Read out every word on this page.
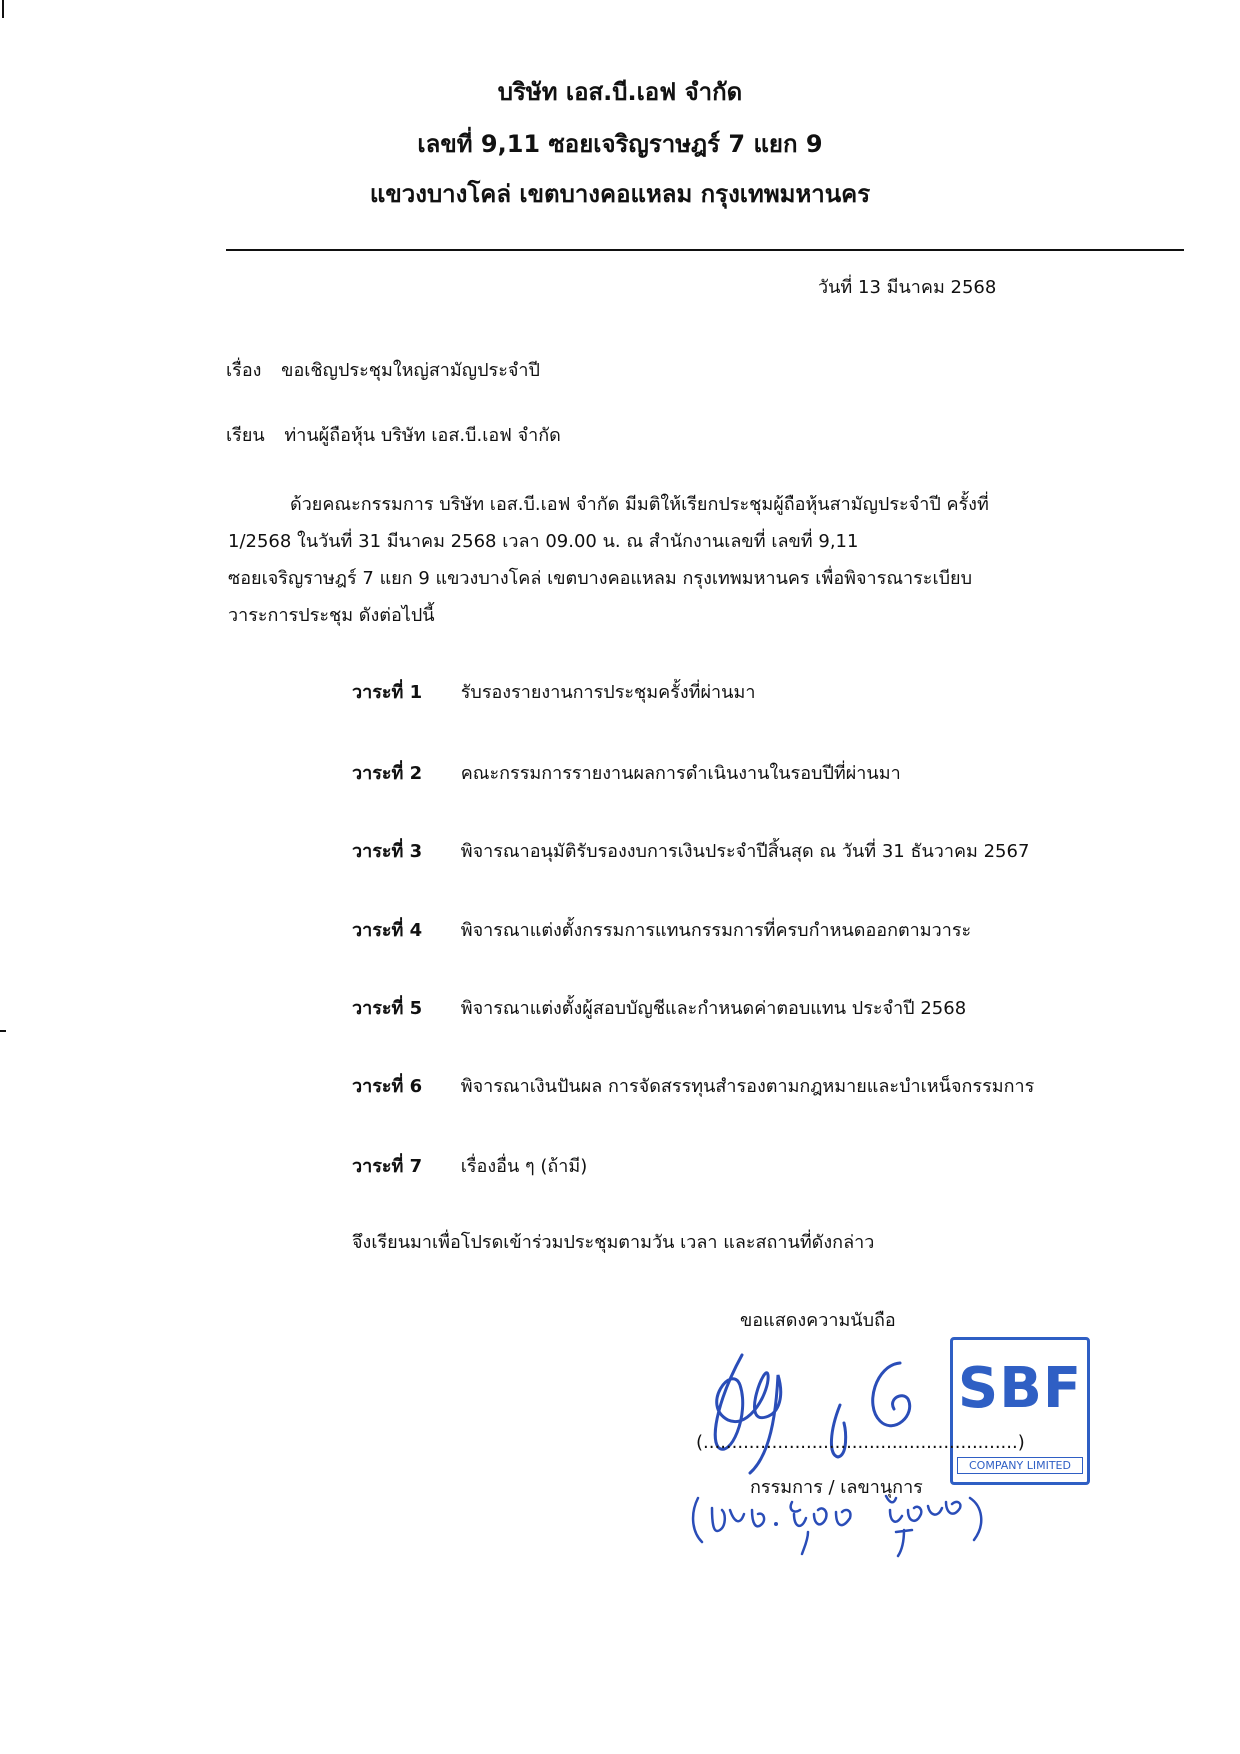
บริษัท เอส.บี.เอฟ จำกัด
เลขที่ 9,11 ซอยเจริญราษฎร์ 7 แยก 9
แขวงบางโคล่ เขตบางคอแหลม กรุงเทพมหานคร
วันที่ 13 มีนาคม 2568
เรื่อง ขอเชิญประชุมใหญ่สามัญประจำปี
เรียน ท่านผู้ถือหุ้น บริษัท เอส.บี.เอฟ จำกัด
ด้วยคณะกรรมการ บริษัท เอส.บี.เอฟ จำกัด มีมติให้เรียกประชุมผู้ถือหุ้นสามัญประจำปี ครั้งที่
1/2568 ในวันที่ 31 มีนาคม 2568 เวลา 09.00 น. ณ สำนักงานเลขที่ เลขที่ 9,11
ซอยเจริญราษฎร์ 7 แยก 9 แขวงบางโคล่ เขตบางคอแหลม กรุงเทพมหานคร เพื่อพิจารณาระเบียบ
วาระการประชุม ดังต่อไปนี้
วาระที่ 1 รับรองรายงานการประชุมครั้งที่ผ่านมา
วาระที่ 2 คณะกรรมการรายงานผลการดำเนินงานในรอบปีที่ผ่านมา
วาระที่ 3 พิจารณาอนุมัติรับรองงบการเงินประจำปีสิ้นสุด ณ วันที่ 31 ธันวาคม 2567
วาระที่ 4 พิจารณาแต่งตั้งกรรมการแทนกรรมการที่ครบกำหนดออกตามวาระ
วาระที่ 5 พิจารณาแต่งตั้งผู้สอบบัญชีและกำหนดค่าตอบแทน ประจำปี 2568
วาระที่ 6 พิจารณาเงินปันผล การจัดสรรทุนสำรองตามกฎหมายและบำเหน็จกรรมการ
วาระที่ 7 เรื่องอื่น ๆ (ถ้ามี)
จึงเรียนมาเพื่อโปรดเข้าร่วมประชุมตามวัน เวลา และสถานที่ดังกล่าว
ขอแสดงความนับถือ
SBF
COMPANY LIMITED
(.......................................................)
กรรมการ / เลขานุการ
